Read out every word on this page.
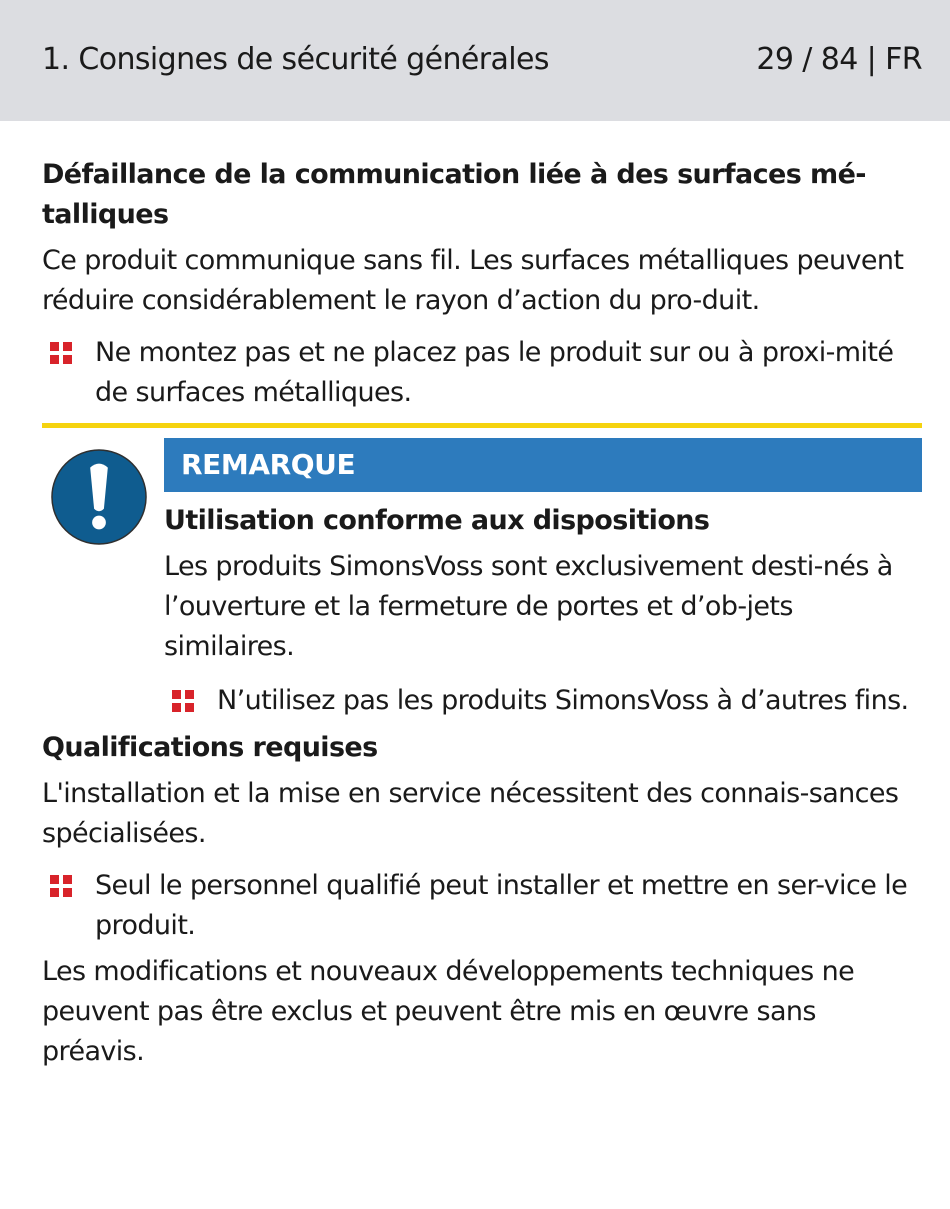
1. Consignes de sécurité générales	29 / 84 | FR
Défaillance de la communication liée à des surfaces mé-talliques

Ce produit communique sans fil. Les surfaces métalliques peuvent réduire considérablement le rayon d’action du pro-duit.

Ne montez pas et ne placez pas le produit sur ou à proxi-mité de surfaces métalliques.
REMARQUE
Utilisation conforme aux dispositions

Les produits SimonsVoss sont exclusivement desti-nés à l’ouverture et la fermeture de portes et d’ob-jets similaires.

N’utilisez pas les produits SimonsVoss à d’autres fins.
Qualifications requises

L'installation et la mise en service nécessitent des connais-sances spécialisées.

Seul le personnel qualifié peut installer et mettre en ser-vice le produit.

Les modifications et nouveaux développements techniques ne peuvent pas être exclus et peuvent être mis en œuvre sans préavis.
